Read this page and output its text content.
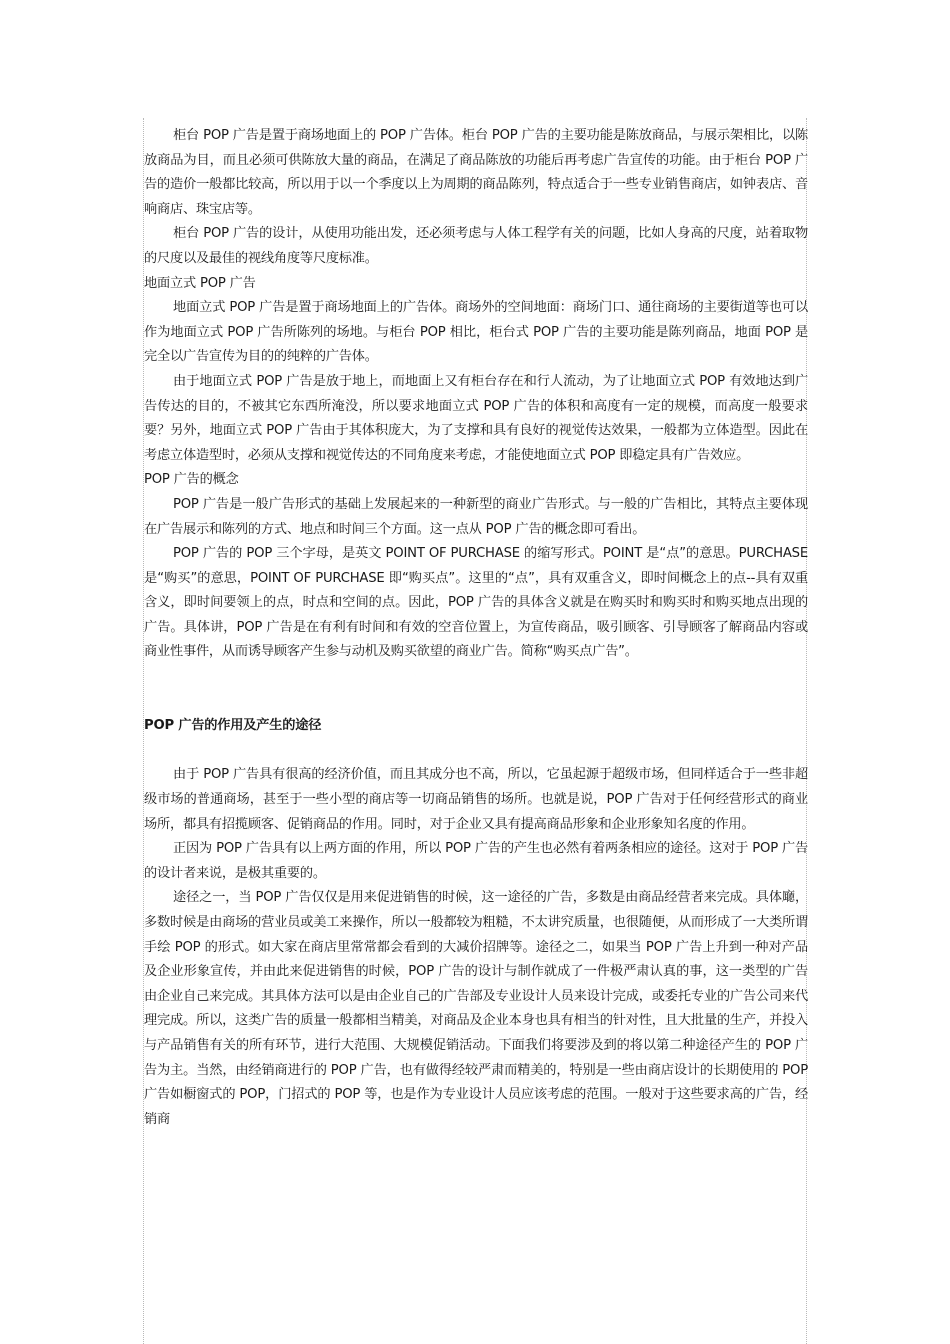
柜台 POP 广告是置于商场地面上的 POP 广告体。柜台 POP 广告的主要功能是陈放商品，与展示架相比，以陈放商品为目，而且必须可供陈放大量的商品，在满足了商品陈放的功能后再考虑广告宣传的功能。由于柜台 POP 广告的造价一般都比较高，所以用于以一个季度以上为周期的商品陈列，特点适合于一些专业销售商店，如钟表店、音响商店、珠宝店等。

柜台 POP 广告的设计，从使用功能出发，还必须考虑与人体工程学有关的问题，比如人身高的尺度，站着取物的尺度以及最佳的视线角度等尺度标准。

地面立式 POP 广告

地面立式 POP 广告是置于商场地面上的广告体。商场外的空间地面：商场门口、通往商场的主要街道等也可以作为地面立式 POP 广告所陈列的场地。与柜台 POP 相比，柜台式 POP 广告的主要功能是陈列商品，地面 POP 是完全以广告宣传为目的的纯粹的广告体。

由于地面立式 POP 广告是放于地上，而地面上又有柜台存在和行人流动，为了让地面立式 POP 有效地达到广告传达的目的，不被其它东西所淹没，所以要求地面立式 POP 广告的体积和高度有一定的规模，而高度一般要求要？另外，地面立式 POP 广告由于其体积庞大，为了支撑和具有良好的视觉传达效果，一般都为立体造型。因此在考虑立体造型时，必须从支撑和视觉传达的不同角度来考虑，才能使地面立式 POP 即稳定具有广告效应。

POP 广告的概念

POP 广告是一般广告形式的基础上发展起来的一种新型的商业广告形式。与一般的广告相比，其特点主要体现在广告展示和陈列的方式、地点和时间三个方面。这一点从 POP 广告的概念即可看出。

POP 广告的 POP 三个字母，是英文 POINT OF PURCHASE 的缩写形式。POINT 是“点”的意思。PURCHASE 是“购买”的意思，POINT OF PURCHASE 即“购买点”。这里的“点”，具有双重含义，即时间概念上的点--具有双重含义，即时间要领上的点，时点和空间的点。因此，POP 广告的具体含义就是在购买时和购买时和购买地点出现的广告。具体讲，POP 广告是在有利有时间和有效的空音位置上，为宣传商品，吸引顾客、引导顾客了解商品内容或商业性事件，从而诱导顾客产生参与动机及购买欲望的商业广告。简称“购买点广告”。

POP 广告的作用及产生的途径

由于 POP 广告具有很高的经济价值，而且其成分也不高，所以，它虽起源于超级市场，但同样适合于一些非超级市场的普通商场，甚至于一些小型的商店等一切商品销售的场所。也就是说，POP 广告对于任何经营形式的商业场所，都具有招揽顾客、促销商品的作用。同时，对于企业又具有提高商品形象和企业形象知名度的作用。

正因为 POP 广告具有以上两方面的作用，所以 POP 广告的产生也必然有着两条相应的途径。这对于 POP 广告的设计者来说，是极其重要的。

途径之一，当 POP 广告仅仅是用来促进销售的时候，这一途径的广告，多数是由商品经营者来完成。具体廰，多数时候是由商场的营业员或美工来操作，所以一般都较为粗糙，不太讲究质量，也很随便，从而形成了一大类所谓手绘 POP 的形式。如大家在商店里常常都会看到的大减价招牌等。途径之二，如果当 POP 广告上升到一种对产品及企业形象宣传，并由此来促进销售的时候，POP 广告的设计与制作就成了一件极严肃认真的事，这一类型的广告由企业自己来完成。其具体方法可以是由企业自己的广告部及专业设计人员来设计完成，或委托专业的广告公司来代理完成。所以，这类广告的质量一般都相当精美，对商品及企业本身也具有相当的针对性，且大批量的生产，并投入与产品销售有关的所有环节，进行大范围、大规模促销活动。下面我们将要涉及到的将以第二种途径产生的 POP 广告为主。当然，由经销商进行的 POP 广告，也有做得经较严肃而精美的，特别是一些由商店设计的长期使用的 POP 广告如橱窗式的 POP，门招式的 POP 等，也是作为专业设计人员应该考虑的范围。一般对于这些要求高的广告，经销商
